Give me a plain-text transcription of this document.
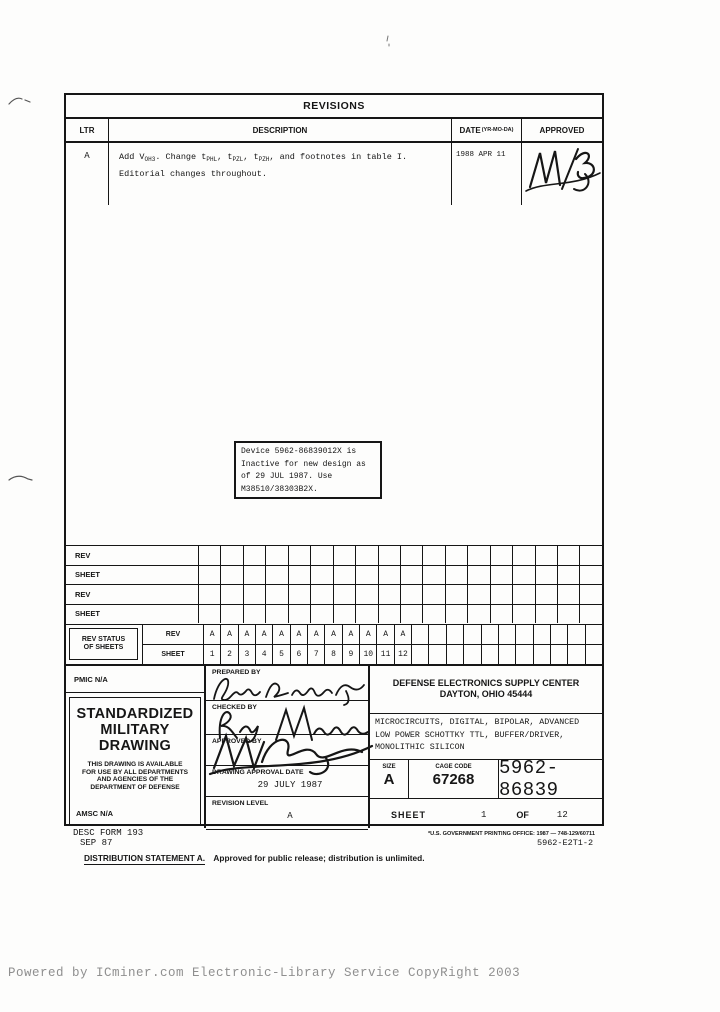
REVISIONS
LTR	DESCRIPTION	DATE (YR-MO-DA)	APPROVED
A	Add $V_{OH3}$. Change $t_{PHL}$, $t_{PZL}$, $t_{PZH}$, and footnotes in table I.
Editorial changes throughout.
1988 APR 11
Device 5962-86839012X is
Inactive for new design as
of 29 JUL 1987. Use
M38510/38303B2X.
REV
SHEET
REV
SHEET
REV STATUS
OF SHEETS
REV	A	A	A	A	A	A	A	A	A	A	A	A
SHEET	1	2	3	4	5	6	7	8	9	10 11 12
PMIC N/A
STANDARDIZED
MILITARY
DRAWING
THIS DRAWING IS AVAILABLE
FOR USE BY ALL DEPARTMENTS
AND AGENCIES OF THE
DEPARTMENT OF DEFENSE
AMSC N/A
PREPARED BY
CHECKED BY
APPROVED BY
DRAWING APPROVAL DATE
29 JULY 1987
REVISION LEVEL
A
DEFENSE ELECTRONICS SUPPLY CENTER
DAYTON, OHIO 45444
MICROCIRCUITS, DIGITAL, BIPOLAR, ADVANCED
LOW POWER SCHOTTKY TTL, BUFFER/DRIVER,
MONOLITHIC SILICON
SIZE
A
CAGE CODE
67268
5962-86839
SHEET	1	OF	12
DESC FORM 193
SEP 87
*U.S. GOVERNMENT PRINTING OFFICE: 1987 — 748-129/60711
5962-E2T1-2
DISTRIBUTION STATEMENT A. Approved for public release; distribution is unlimited.
Powered by ICminer.com Electronic-Library Service CopyRight 2003
